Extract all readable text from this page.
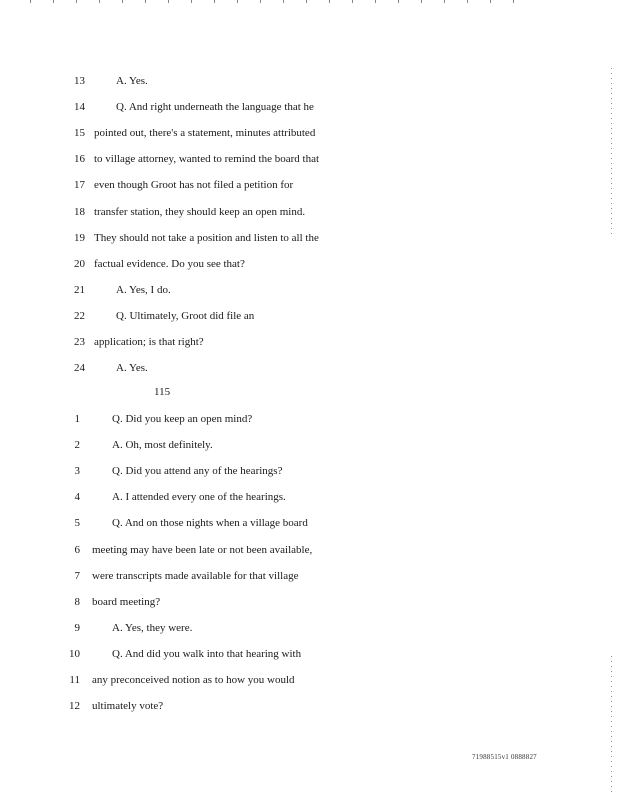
13	A. Yes.
14	Q. And right underneath the language that he
15 pointed out, there's a statement, minutes attributed
16 to village attorney, wanted to remind the board that
17 even though Groot has not filed a petition for
18 transfer station, they should keep an open mind.
19 They should not take a position and listen to all the
20 factual evidence. Do you see that?
21	A. Yes, I do.
22	Q. Ultimately, Groot did file an
23 application; is that right?
24	A. Yes.
115
1	Q. Did you keep an open mind?
2	A. Oh, most definitely.
3	Q. Did you attend any of the hearings?
4	A. I attended every one of the hearings.
5	Q. And on those nights when a village board
6 meeting may have been late or not been available,
7 were transcripts made available for that village
8 board meeting?
9	A. Yes, they were.
10	Q. And did you walk into that hearing with
11 any preconceived notion as to how you would
12 ultimately vote?
71988515v1 0888827
